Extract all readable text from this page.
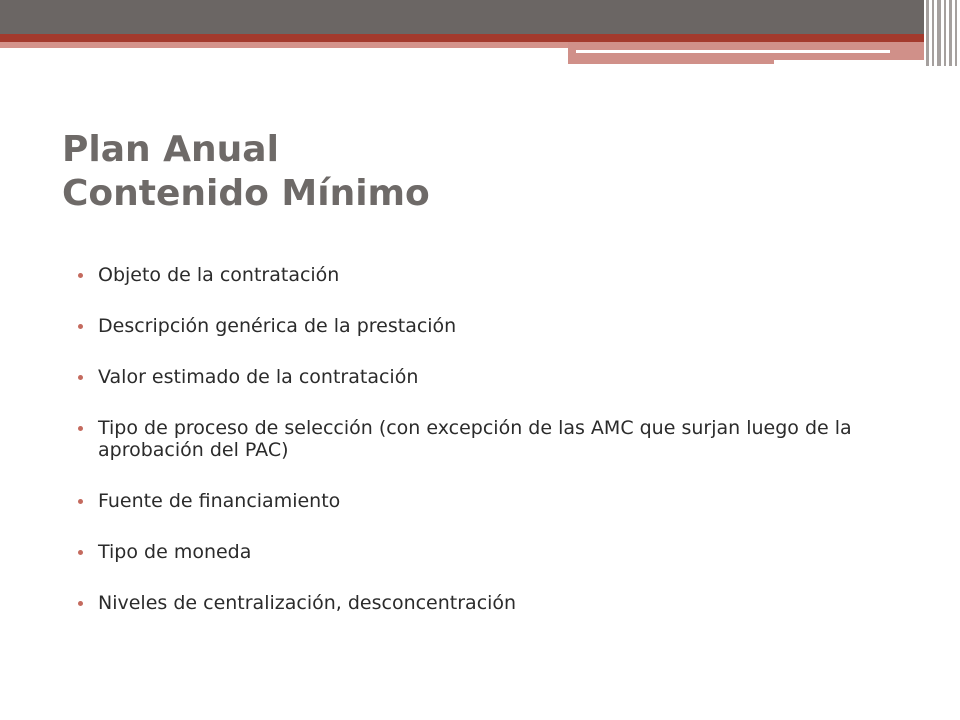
Plan Anual
Contenido Mínimo
Objeto de la contratación
Descripción genérica de la prestación
Valor estimado de la contratación
Tipo de proceso de selección (con excepción de las AMC que surjan luego de la aprobación del PAC)
Fuente de financiamiento
Tipo de moneda
Niveles de centralización, desconcentración
